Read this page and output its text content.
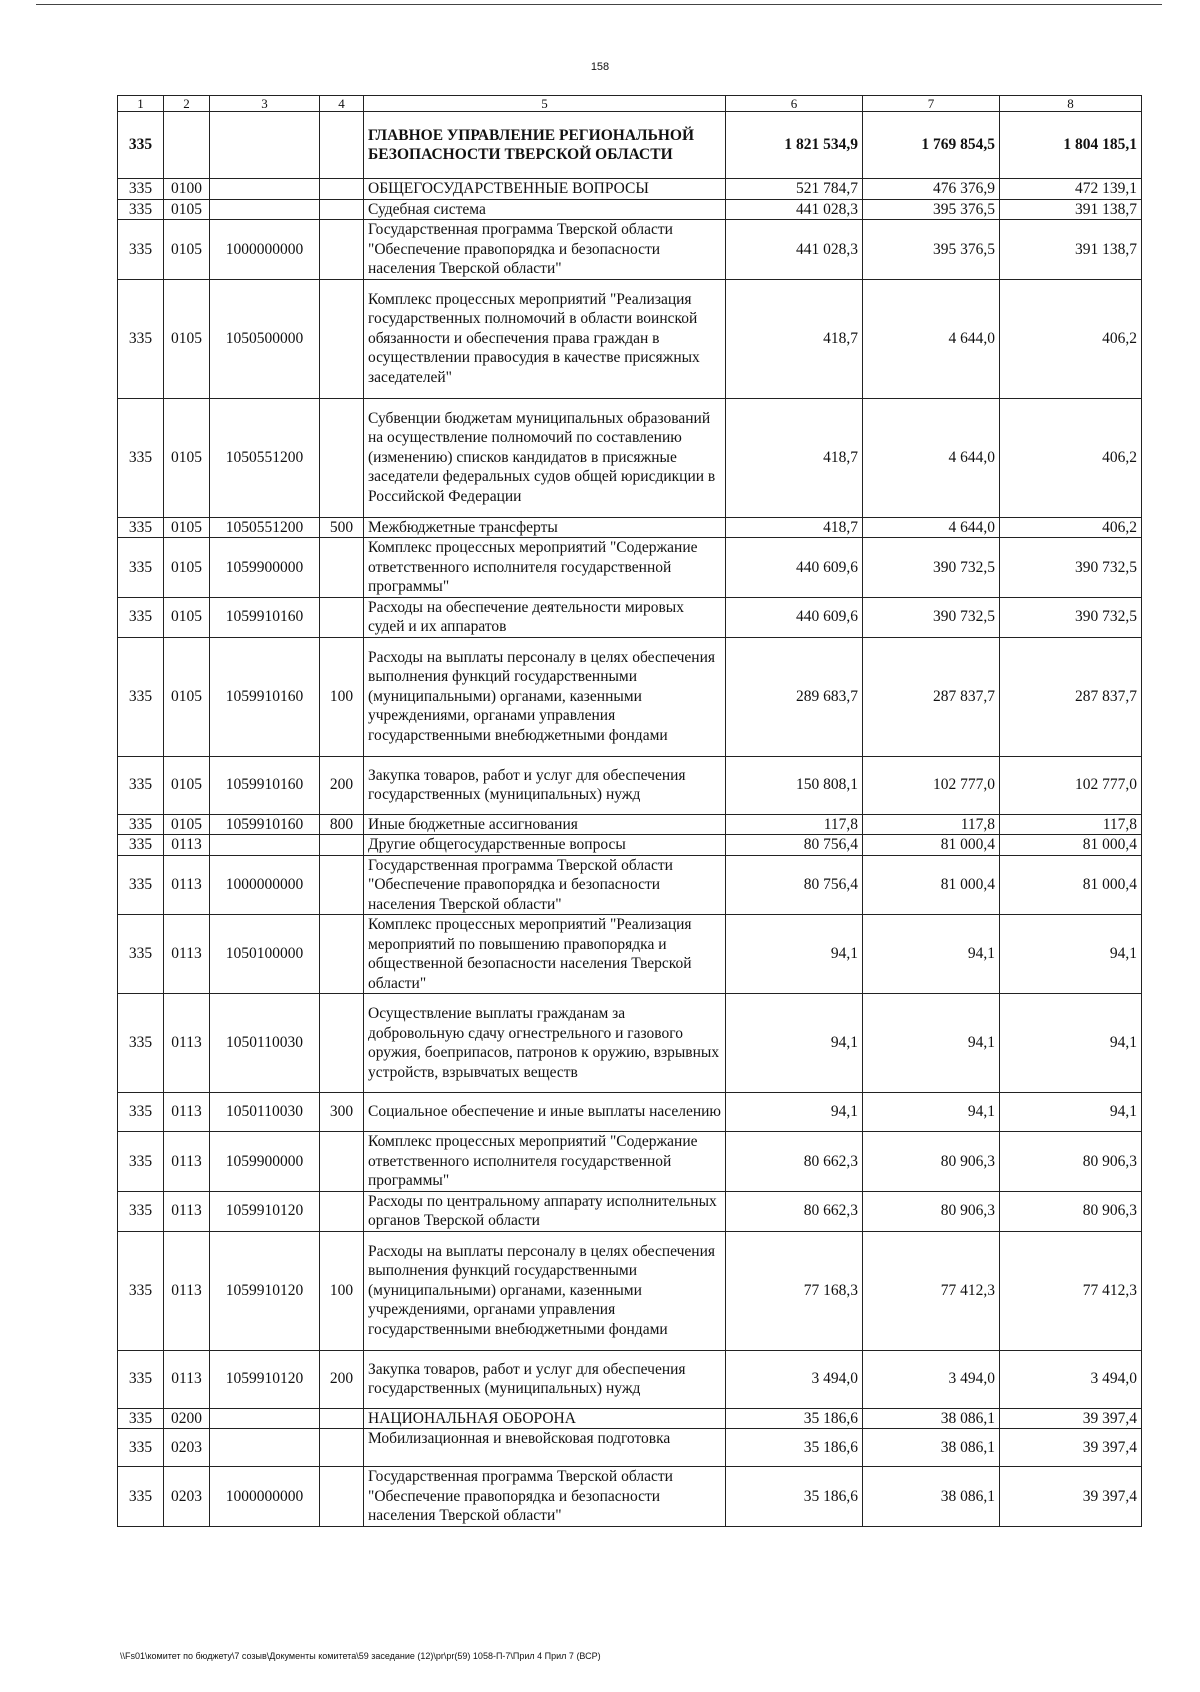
158
1	2	3	4	5	6	7	8
335				ГЛАВНОЕ УПРАВЛЕНИЕ РЕГИОНАЛЬНОЙ БЕЗОПАСНОСТИ ТВЕРСКОЙ ОБЛАСТИ	1 821 534,9	1 769 854,5	1 804 185,1
335	0100			ОБЩЕГОСУДАРСТВЕННЫЕ ВОПРОСЫ	521 784,7	476 376,9	472 139,1
335	0105			Судебная система	441 028,3	395 376,5	391 138,7
335	0105	1000000000		Государственная программа Тверской области "Обеспечение правопорядка и безопасности населения Тверской области"	441 028,3	395 376,5	391 138,7
335	0105	1050500000		Комплекс процессных мероприятий "Реализация государственных полномочий в области воинской обязанности и обеспечения права граждан в осуществлении правосудия в качестве присяжных заседателей"	418,7	4 644,0	406,2
335	0105	1050551200		Субвенции бюджетам муниципальных образований на осуществление полномочий по составлению (изменению) списков кандидатов в присяжные заседатели федеральных судов общей юрисдикции в Российской Федерации	418,7	4 644,0	406,2
335	0105	1050551200	500	Межбюджетные трансферты	418,7	4 644,0	406,2
335	0105	1059900000		Комплекс процессных мероприятий "Содержание ответственного исполнителя государственной программы"	440 609,6	390 732,5	390 732,5
335	0105	1059910160		Расходы на обеспечение деятельности мировых судей и их аппаратов	440 609,6	390 732,5	390 732,5
335	0105	1059910160	100	Расходы на выплаты персоналу в целях обеспечения выполнения функций государственными (муниципальными) органами, казенными учреждениями, органами управления государственными внебюджетными фондами	289 683,7	287 837,7	287 837,7
335	0105	1059910160	200	Закупка товаров, работ и услуг для обеспечения государственных (муниципальных) нужд	150 808,1	102 777,0	102 777,0
335	0105	1059910160	800	Иные бюджетные ассигнования	117,8	117,8	117,8
335	0113			Другие общегосударственные вопросы	80 756,4	81 000,4	81 000,4
335	0113	1000000000		Государственная программа Тверской области "Обеспечение правопорядка и безопасности населения Тверской области"	80 756,4	81 000,4	81 000,4
335	0113	1050100000		Комплекс процессных мероприятий "Реализация мероприятий по повышению правопорядка и общественной безопасности населения Тверской области"	94,1	94,1	94,1
335	0113	1050110030		Осуществление выплаты гражданам за добровольную сдачу огнестрельного и газового оружия, боеприпасов, патронов к оружию, взрывных устройств, взрывчатых веществ	94,1	94,1	94,1
335	0113	1050110030	300	Социальное обеспечение и иные выплаты населению	94,1	94,1	94,1
335	0113	1059900000		Комплекс процессных мероприятий "Содержание ответственного исполнителя государственной программы"	80 662,3	80 906,3	80 906,3
335	0113	1059910120		Расходы по центральному аппарату исполнительных органов Тверской области	80 662,3	80 906,3	80 906,3
335	0113	1059910120	100	Расходы на выплаты персоналу в целях обеспечения выполнения функций государственными (муниципальными) органами, казенными учреждениями, органами управления государственными внебюджетными фондами	77 168,3	77 412,3	77 412,3
335	0113	1059910120	200	Закупка товаров, работ и услуг для обеспечения государственных (муниципальных) нужд	3 494,0	3 494,0	3 494,0
335	0200			НАЦИОНАЛЬНАЯ ОБОРОНА	35 186,6	38 086,1	39 397,4
335	0203			Мобилизационная и вневойсковая подготовка	35 186,6	38 086,1	39 397,4
335	0203	1000000000		Государственная программа Тверской области "Обеспечение правопорядка и безопасности населения Тверской области"	35 186,6	38 086,1	39 397,4
\\Fs01\комитет по бюджету\7 созыв\Документы комитета\59 заседание (12)\pr\pr(59) 1058-П-7\Прил 4 Прил 7 (ВСР)
